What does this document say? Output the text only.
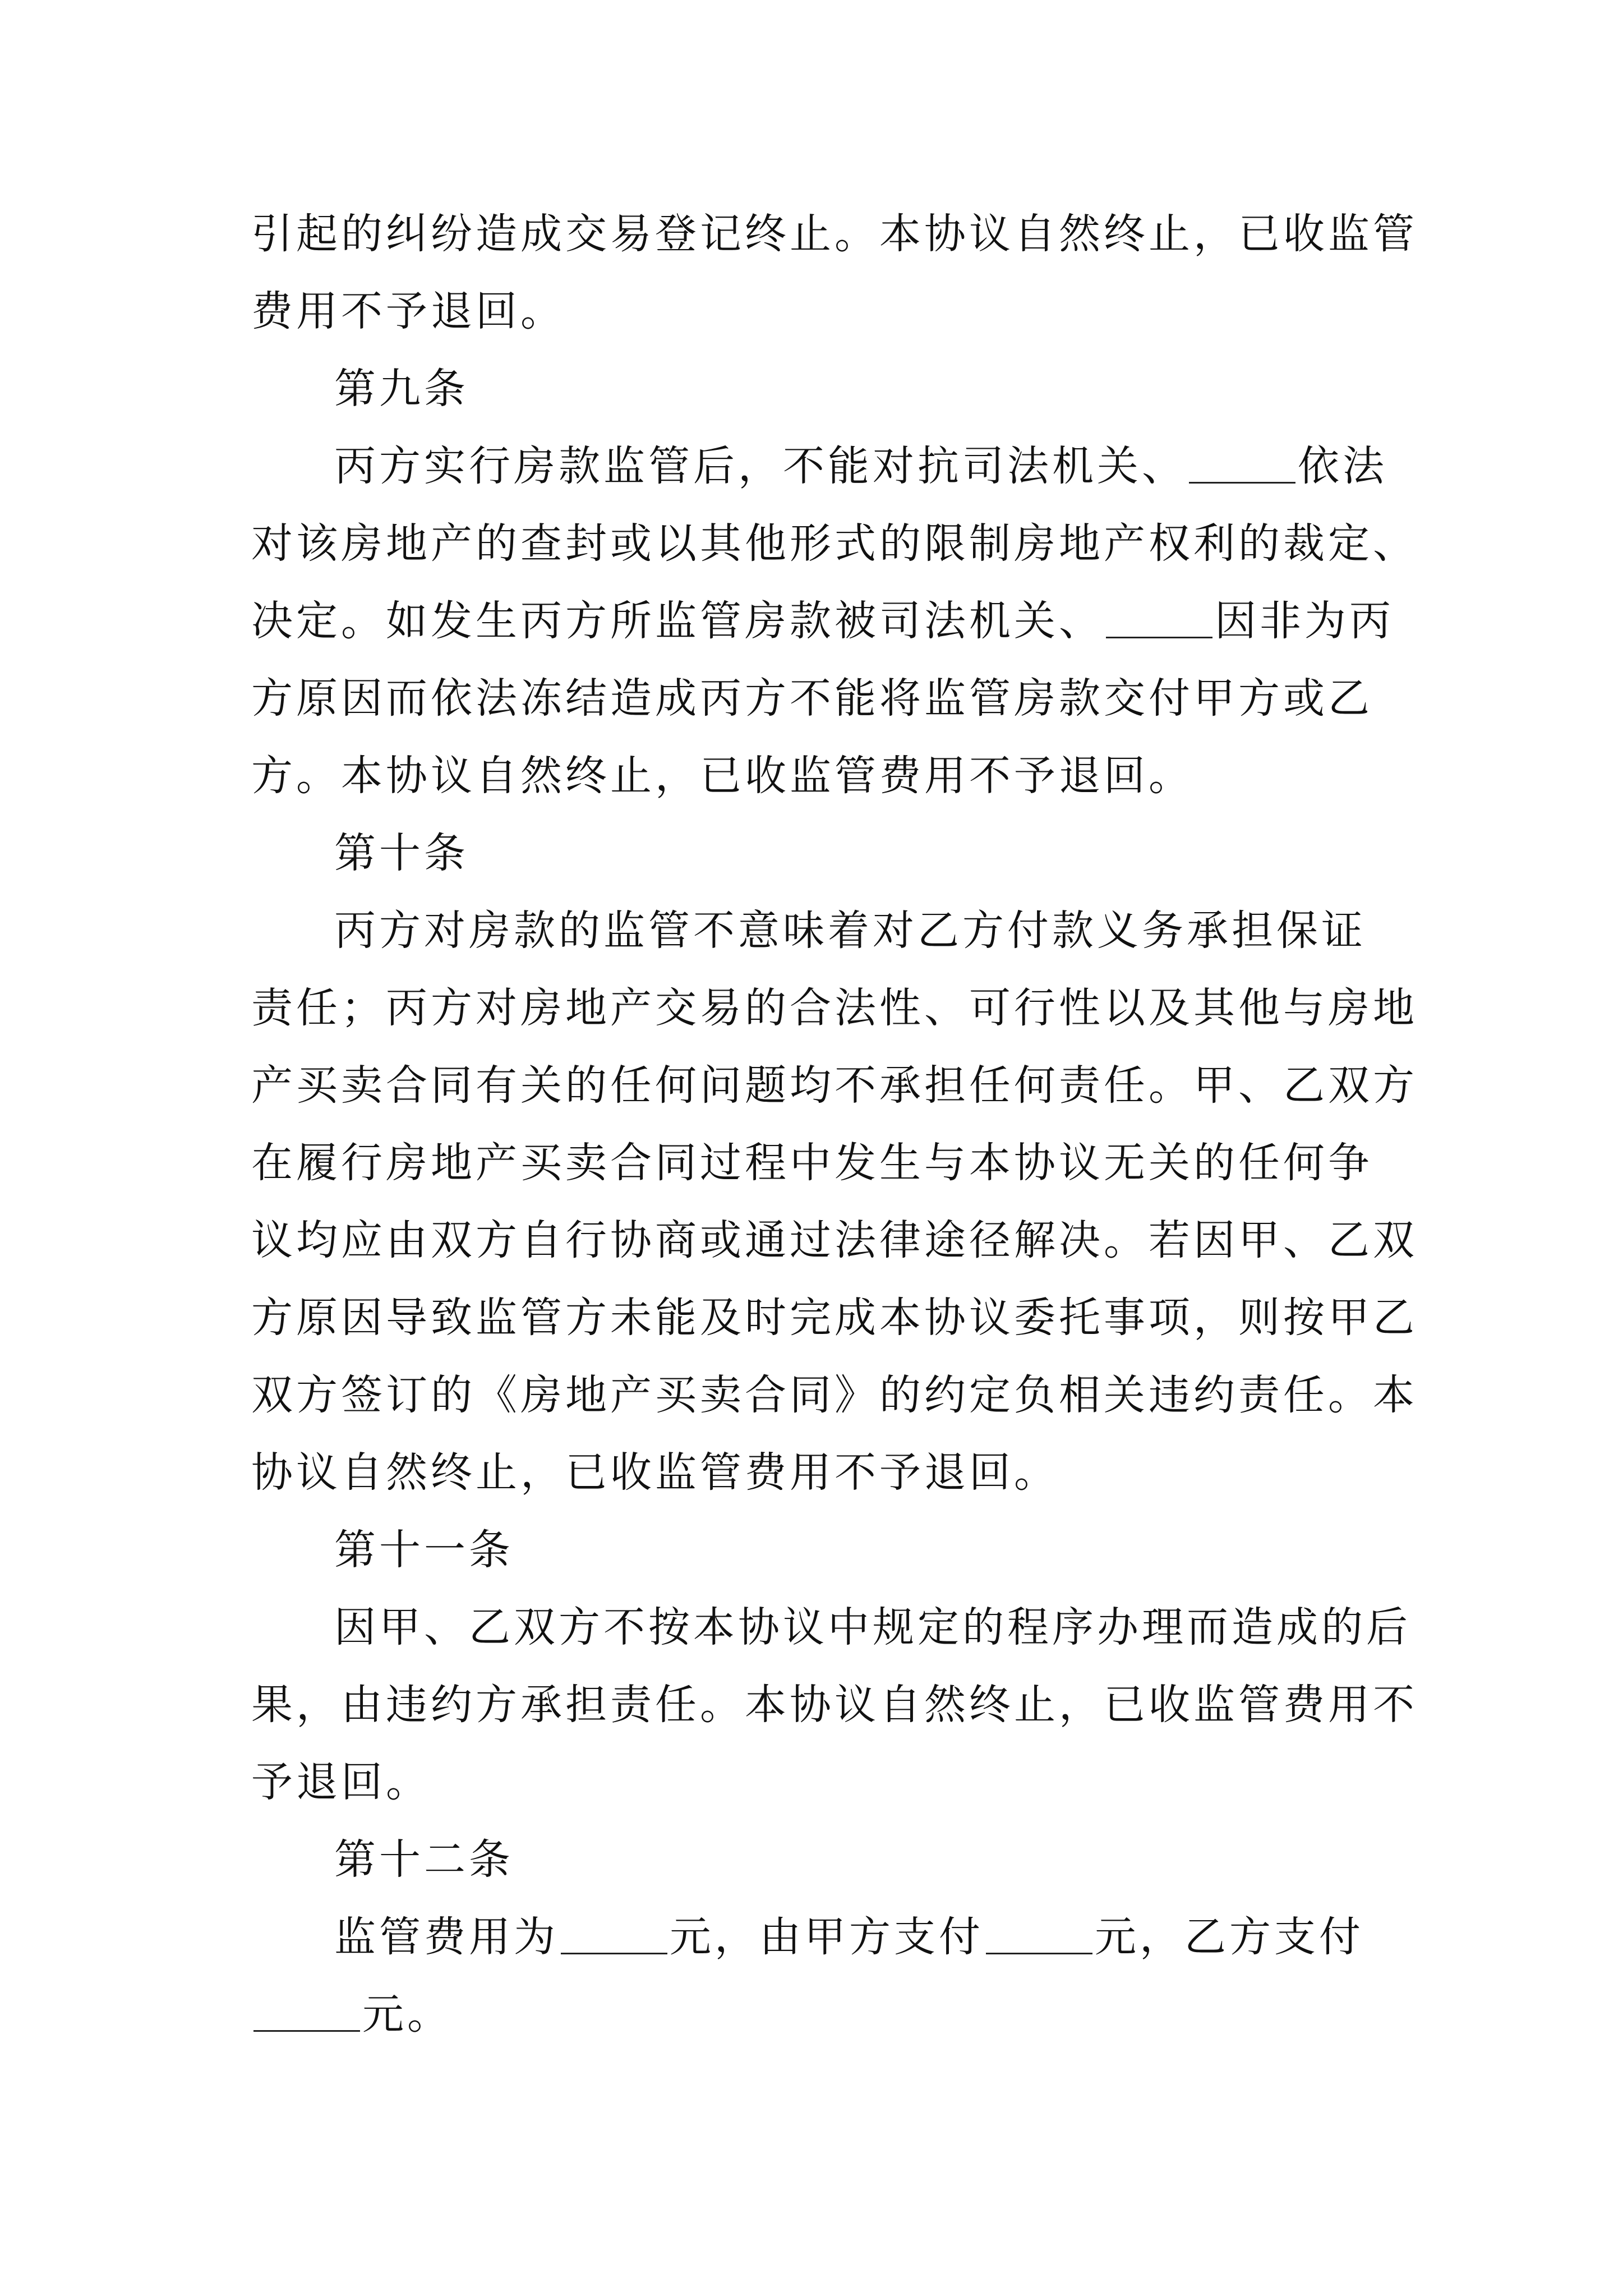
引起的纠纷造成交易登记终止。本协议自然终止，已收监管
费用不予退回。
第九条
丙方实行房款监管后，不能对抗司法机关、	依法
对该房地产的查封或以其他形式的限制房地产权利的裁定、
决定。如发生丙方所监管房款被司法机关、	因非为丙
方原因而依法冻结造成丙方不能将监管房款交付甲方或乙
方。本协议自然终止，已收监管费用不予退回。
第十条
丙方对房款的监管不意味着对乙方付款义务承担保证
责任；丙方对房地产交易的合法性、可行性以及其他与房地
产买卖合同有关的任何问题均不承担任何责任。甲、乙双方
在履行房地产买卖合同过程中发生与本协议无关的任何争
议均应由双方自行协商或通过法律途径解决。若因甲、乙双
方原因导致监管方未能及时完成本协议委托事项，则按甲乙
双方签订的《房地产买卖合同》的约定负相关违约责任。本
协议自然终止，已收监管费用不予退回。
第十一条
因甲、乙双方不按本协议中规定的程序办理而造成的后
果，由违约方承担责任。本协议自然终止，已收监管费用不
予退回。
第十二条
监管费用为	元，由甲方支付	元，乙方支付
元。
